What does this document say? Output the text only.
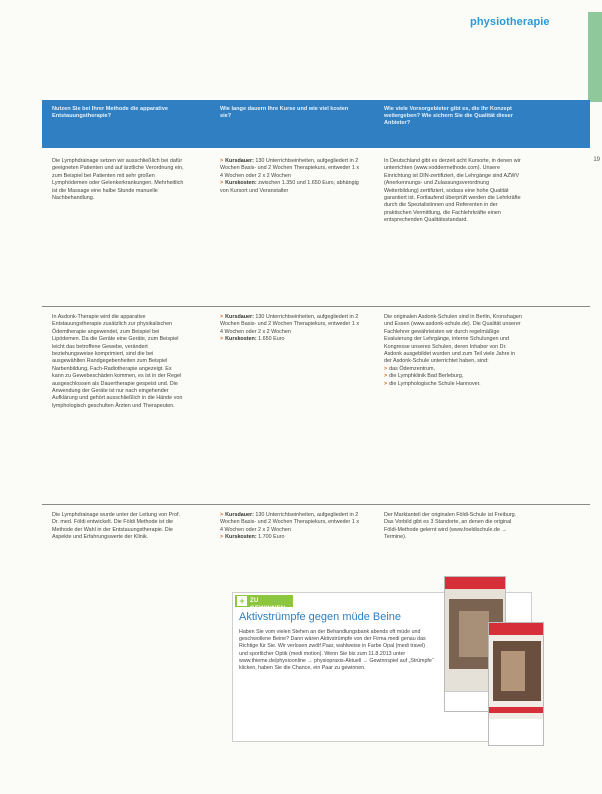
physiotherapie
19
Nutzen Sie bei Ihrer Methode die apparative Entstauungstherapie?
Wie lange dauern Ihre Kurse und wie viel kosten sie?
Wie viele Vorsorgebieter gibt es, die Ihr Konzept weitergeben? Wie sichern Sie die Qualität dieser Anbieter?
Die Lymphdrainage setzen wir ausschließlich bei dafür geeigneten Patienten und auf ärztliche Verordnung ein, zum Beispiel bei Patienten mit sehr großen Lymphödemen oder Gelenkerkrankungen. Mehrheitlich ist die Massage eine halbe Stunde manuelle Nachbehandlung.
> Kursdauer: 130 Unterrichtseinheiten, aufgegliedert in 2 Wochen Basis- und 2 Wochen Therapiekurs, entweder 1 x 4 Wochen oder 2 x 2 Wochen
> Kurskosten: zwischen 1.350 und 1.650 Euro, abhängig von Kursort und Veranstalter
In Deutschland gibt es derzeit acht Kursorte, in denen wir unterrichten (www.voddermethode.com). Unsere Einrichtung ist DIN-zertifiziert, die Lehrgänge sind AZWV (Anerkennungs- und Zulassungsverordnung Weiterbildung) zertifiziert, sodass eine hohe Qualität garantiert ist. Fortlaufend überprüft werden die Lehrkräfte durch die Spezialistinnen und Referenten in der praktischen Vermittlung, die Fachlehrkräfte einen entsprechenden Qualitätsstandard.
In Asdonk-Therapie wird die apparative Entstauungstherapie zusätzlich zur physikalischen Ödemtherapie angewendet, zum Beispiel bei Lipödemen. Da die Geräte eine Geräte, zum Beispiel leicht das betroffene Gewebe, verändert beziehungsweise komprimiert, sind die bei ausgewählten Randgegebenheiten zum Beispiel Narbenbildung, Fach-Radiotherapie angezeigt. Es kann zu Gewebeschäden kommen, es ist in der Regel ausgeschlossen als Dauertherapie gespeist und. Die Anwendung der Geräte ist nur nach eingehender Aufklärung und gehört ausschließlich in die Hände von lymphologisch geschulten Ärzten und Therapeuten.
> Kursdauer: 130 Unterrichtseinheiten, aufgegliedert in 2 Wochen Basis- und 2 Wochen Therapiekurs, entweder 1 x 4 Wochen oder 2 x 2 Wochen
> Kurskosten: 1.650 Euro

Die originalen Asdonk-Schulen sind in Berlin, Kronshagen und Essen (www.asdonk-schule.de). Die Qualität unserer Fachlehrer gewährleisten wir durch regelmäßige Evaluierung der Lehrgänge, interne Schulungen und Kongresse unseres Schulen, deren Inhaber von Dr. Asdonk ausgebildet wurden und zum Teil viele Jahre in der Asdonk-Schule unterrichtet haben, sind:

> das Ödemzentrum,
> die Lymphklinik Bad Berleburg,
> die Lymphologische Schule Hannover.
Die Lymphdrainage wurde unter der Leitung von Prof. Dr. med. Földi entwickelt. Die Földi Methode ist die Methode der Wahl in der Entstauungstherapie. Die Aspekte und Erfahrungswerte der Klinik.
> Kursdauer: 130 Unterrichtseinheiten, aufgegliedert in 2 Wochen Basis- und 2 Wochen Therapiekurs, entweder 1 x 4 Wochen oder 2 x 2 Wochen
> Kurskosten: 1.700 Euro
Der Marktanteil der originalen Földi-Schule ist Freiburg. Das Vorbild gibt es 3 Standorte, an denen die original Földi-Methode gelernt wird (www.foeldischule.de → Termine).
+ ZU GEWINNEN
Aktivstrümpfe gegen müde Beine
Haben Sie vom vielen Stehen an der Behandlungsbank abends oft müde und geschwollene Beine? Dann wären Aktivstrümpfe von der Firma medi genau das Richtige für Sie. Wir verlosen zwölf Paar, wahlweise in Farbe Opal (medi travel) und sportlicher Optik (medi motion). Wenn Sie bis zum 11.8.2013 unter www.thieme.de/physioonline → physiopraxis-Aktuell → Gewinnspiel auf „Strümpfe“ klicken, haben Sie die Chance, ein Paar zu gewinnen.
